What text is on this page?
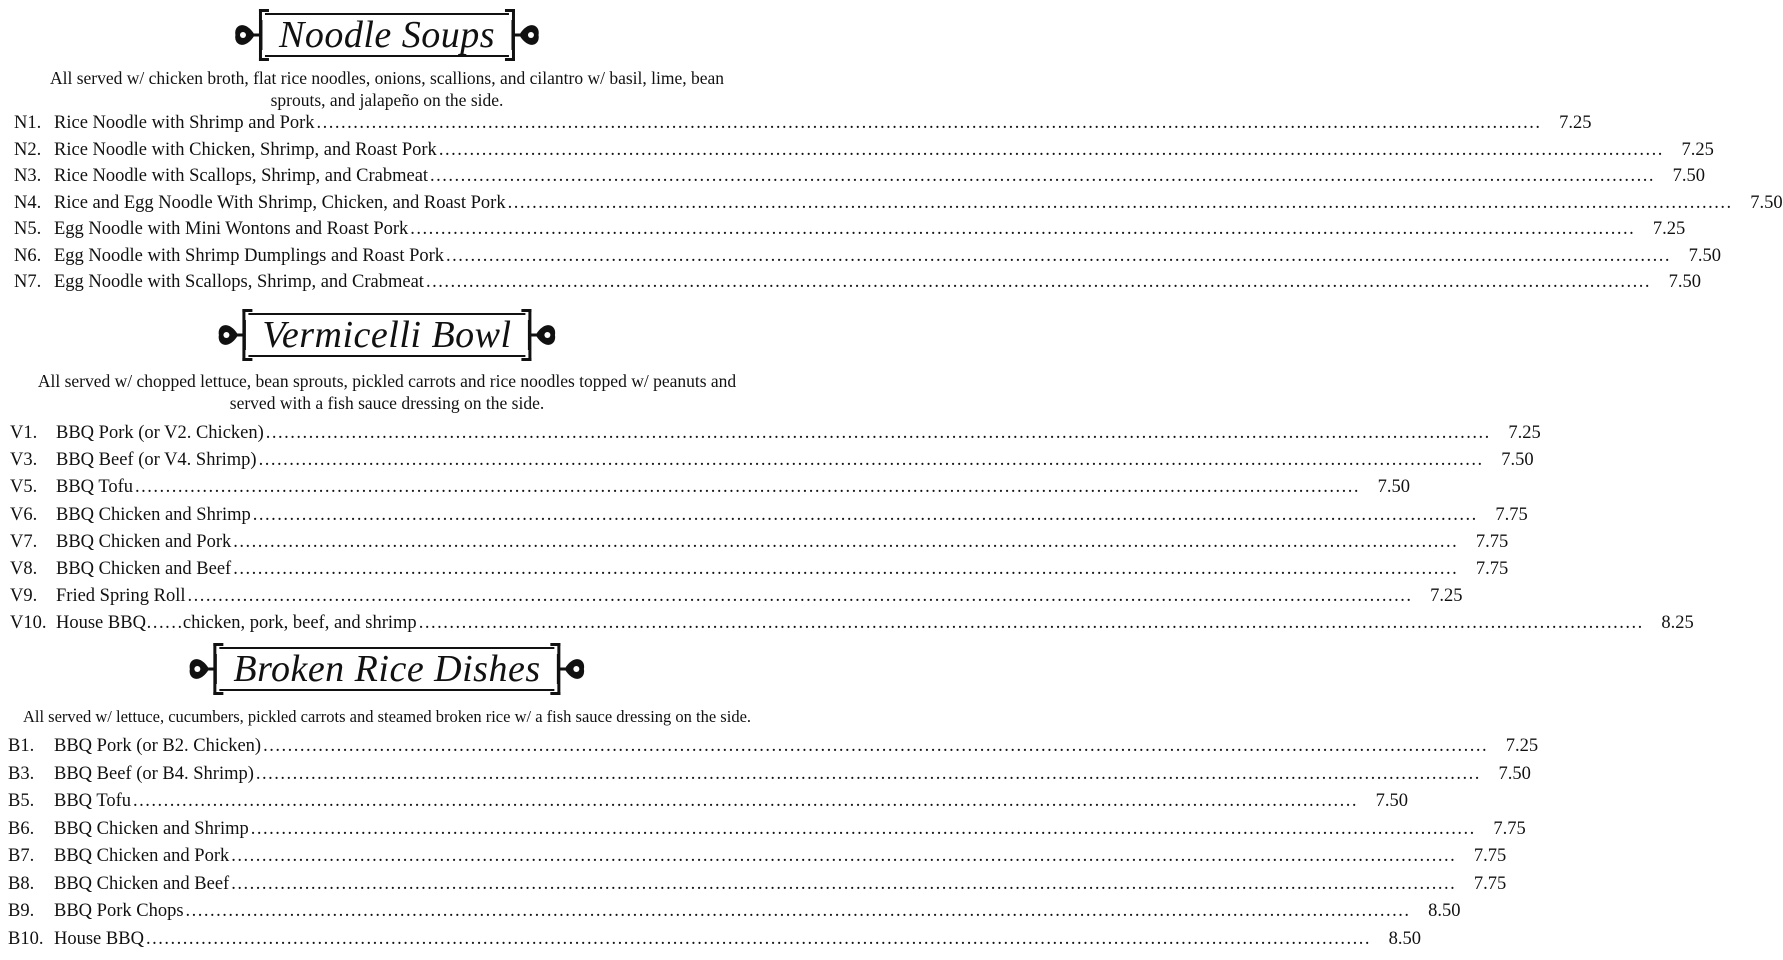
Noodle Soups
All served w/ chicken broth, flat rice noodles, onions, scallions, and cilantro w/ basil, lime, bean sprouts, and jalapeño on the side.
N1. Rice Noodle with Shrimp and Pork ........................................................................................................................................................................................................ 7.25
N2. Rice Noodle with Chicken, Shrimp, and Roast Pork ........................................................................................................................................................................................................ 7.25
N3. Rice Noodle with Scallops, Shrimp, and Crabmeat ........................................................................................................................................................................................................ 7.50
N4. Rice and Egg Noodle With Shrimp, Chicken, and Roast Pork ........................................................................................................................................................................................................ 7.50
N5. Egg Noodle with Mini Wontons and Roast Pork ........................................................................................................................................................................................................ 7.25
N6. Egg Noodle with Shrimp Dumplings and Roast Pork ........................................................................................................................................................................................................ 7.50
N7. Egg Noodle with Scallops, Shrimp, and Crabmeat ........................................................................................................................................................................................................ 7.50
Vermicelli Bowl
All served w/ chopped lettuce, bean sprouts, pickled carrots and rice noodles topped w/ peanuts and served with a fish sauce dressing on the side.
V1.	BBQ Pork (or V2. Chicken) ........................................................................................................................................................................................................ 7.25
V3.	BBQ Beef (or V4. Shrimp) ........................................................................................................................................................................................................ 7.50
V5.	BBQ Tofu ........................................................................................................................................................................................................ 7.50
V6.	BBQ Chicken and Shrimp ........................................................................................................................................................................................................ 7.75
V7.	BBQ Chicken and Pork ........................................................................................................................................................................................................ 7.75
V8.	BBQ Chicken and Beef ........................................................................................................................................................................................................ 7.75
V9.	Fried Spring Roll ........................................................................................................................................................................................................ 7.25
V10. House BBQ……chicken, pork, beef, and shrimp ........................................................................................................................................................................................................ 8.25
Broken Rice Dishes
All served w/ lettuce, cucumbers, pickled carrots and steamed broken rice w/ a fish sauce dressing on the side.
B1.	BBQ Pork (or B2. Chicken) ........................................................................................................................................................................................................ 7.25
B3.	BBQ Beef (or B4. Shrimp) ........................................................................................................................................................................................................ 7.50
B5.	BBQ Tofu ........................................................................................................................................................................................................ 7.50
B6.	BBQ Chicken and Shrimp ........................................................................................................................................................................................................ 7.75
B7.	BBQ Chicken and Pork ........................................................................................................................................................................................................ 7.75
B8.	BBQ Chicken and Beef ........................................................................................................................................................................................................ 7.75
B9.	BBQ Pork Chops ........................................................................................................................................................................................................ 8.50
B10. House BBQ ........................................................................................................................................................................................................ 8.50
